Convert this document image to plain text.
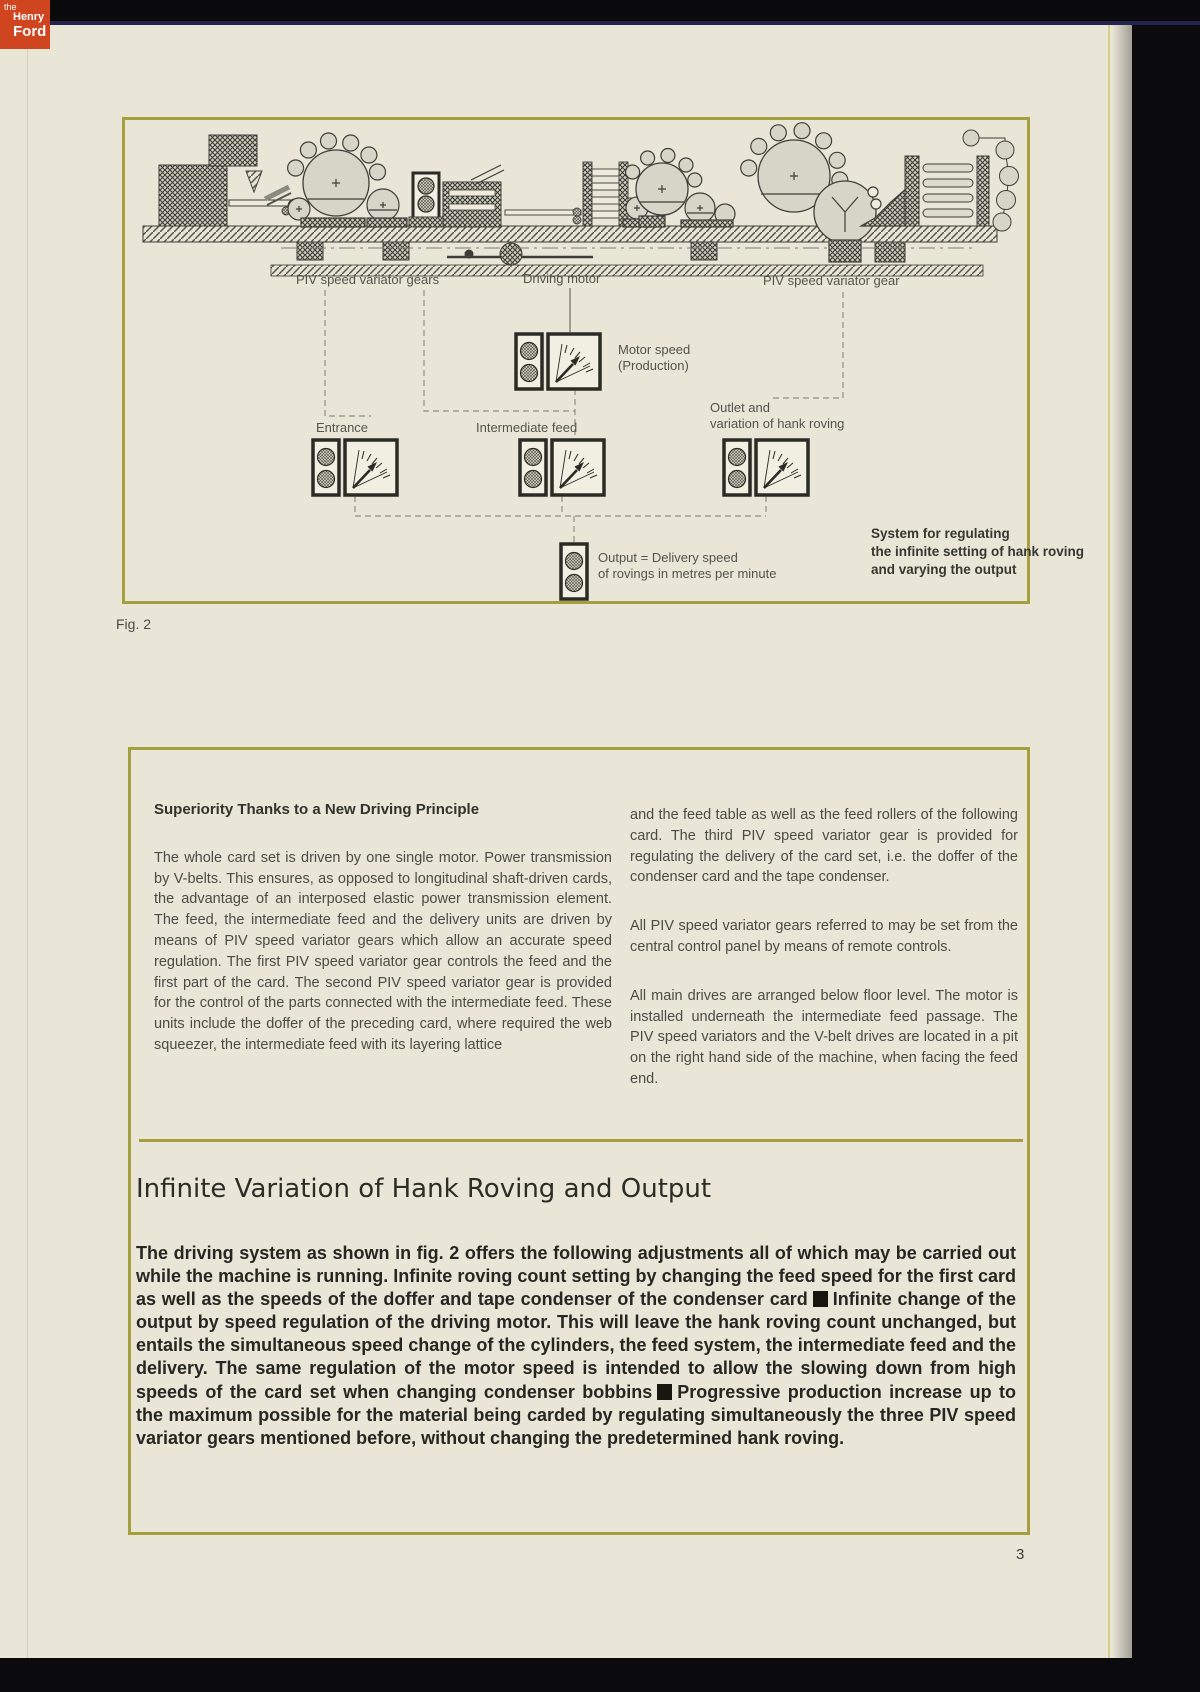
the
Henry
Ford
PIV speed variator gears	Driving motor	PIV speed variator gear
Motor speed
(Production)
Entrance	Intermediate feed
Outlet and
variation of hank roving
Output = Delivery speed
of rovings in metres per minute
System for regulating
the infinite setting of hank roving
and varying the output
Fig. 2
Superiority Thanks to a New Driving Principle

The whole card set is driven by one single motor. Power transmission by V-belts. This ensures, as opposed to longitudinal shaft-driven cards, the advantage of an interposed elastic power transmission element. The feed, the intermediate feed and the delivery units are driven by means of PIV speed variator gears which allow an accurate speed regulation. The first PIV speed variator gear controls the feed and the first part of the card. The second PIV speed variator gear is provided for the control of the parts connected with the intermediate feed. These units include the doffer of the preceding card, where required the web squeezer, the intermediate feed with its layering lattice

and the feed table as well as the feed rollers of the following card. The third PIV speed variator gear is provided for regulating the delivery of the card set, i.e. the doffer of the condenser card and the tape condenser.

All PIV speed variator gears referred to may be set from the central control panel by means of remote controls.

All main drives are arranged below floor level. The motor is installed underneath the intermediate feed passage. The PIV speed variators and the V-belt drives are located in a pit on the right hand side of the machine, when facing the feed end.

Infinite Variation of Hank Roving and Output
The driving system as shown in fig. 2 offers the following adjustments all of which may be carried out while the machine is running. Infinite roving count setting by changing the feed speed for the first card as well as the speeds of the doffer and tape condenser of the condenser card Infinite change of the output by speed regulation of the driving motor. This will leave the hank roving count unchanged, but entails the simultaneous speed change of the cylinders, the feed system, the intermediate feed and the delivery. The same regulation of the motor speed is intended to allow the slowing down from high speeds of the card set when changing condenser bobbins Progressive production increase up to the maximum possible for the material being carded by regulating simultaneously the three PIV speed variator gears mentioned before, without changing the predetermined hank roving.
3
